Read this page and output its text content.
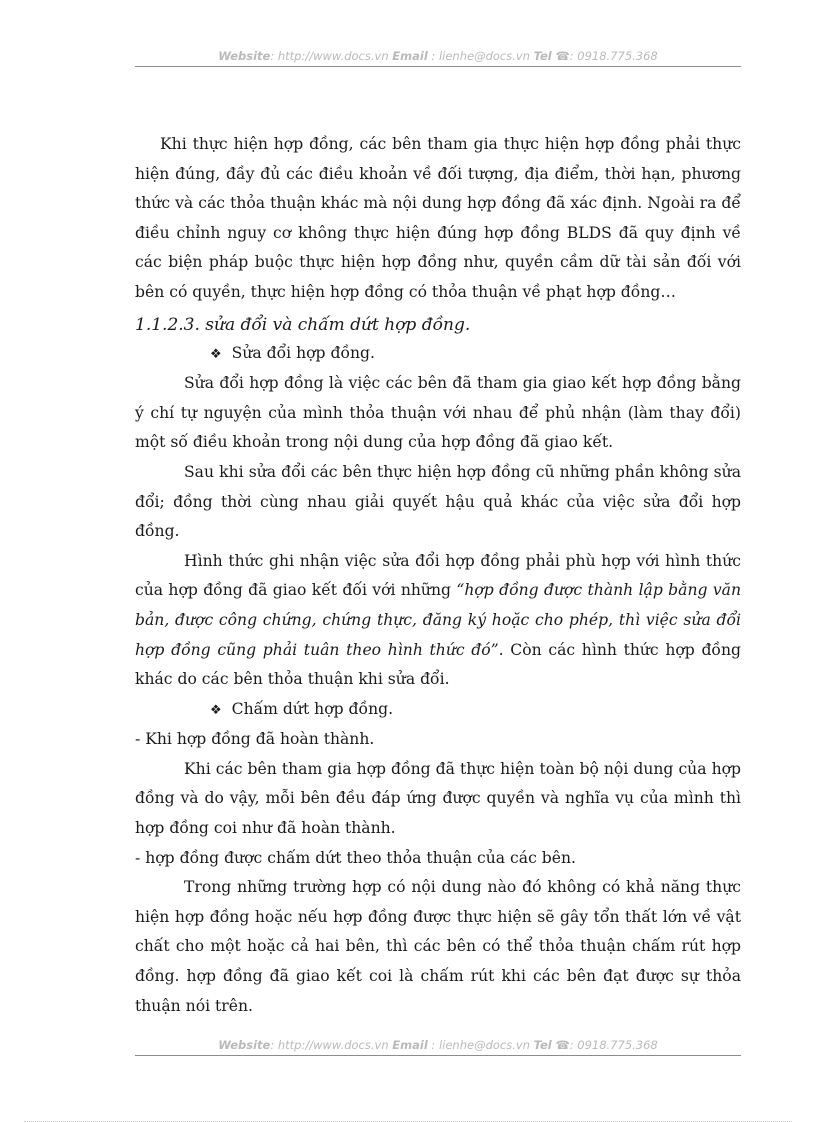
Website: http://www.docs.vn Email : lienhe@docs.vn Tel ☎: 0918.775.368

Khi thực hiện hợp đồng, các bên tham gia thực hiện hợp đồng phải thực hiện đúng, đầy đủ các điều khoản về đối tượng, địa điểm, thời hạn, phương thức và các thỏa thuận khác mà nội dung hợp đồng đã xác định. Ngoài ra để điều chỉnh nguy cơ không thực hiện đúng hợp đồng BLDS đã quy định về các biện pháp buộc thực hiện hợp đồng như, quyền cầm dữ tài sản đối với bên có quyền, thực hiện hợp đồng có thỏa thuận về phạt hợp đồng…

1.1.2.3. sửa đổi và chấm dứt hợp đồng.

❖ Sửa đổi hợp đồng.

Sửa đổi hợp đồng là việc các bên đã tham gia giao kết hợp đồng bằng ý chí tự nguyện của mình thỏa thuận với nhau để phủ nhận (làm thay đổi) một số điều khoản trong nội dung của hợp đồng đã giao kết.

Sau khi sửa đổi các bên thực hiện hợp đồng cũ những phần không sửa đổi; đồng thời cùng nhau giải quyết hậu quả khác của việc sửa đổi hợp đồng.

Hình thức ghi nhận việc sửa đổi hợp đồng phải phù hợp với hình thức của hợp đồng đã giao kết đối với những “hợp đồng được thành lập bằng văn bản, được công chứng, chứng thực, đăng ký hoặc cho phép, thì việc sửa đổi hợp đồng cũng phải tuân theo hình thức đó”. Còn các hình thức hợp đồng khác do các bên thỏa thuận khi sửa đổi.

❖ Chấm dứt hợp đồng.

- Khi hợp đồng đã hoàn thành.

Khi các bên tham gia hợp đồng đã thực hiện toàn bộ nội dung của hợp đồng và do vậy, mỗi bên đều đáp ứng được quyền và nghĩa vụ của mình thì hợp đồng coi như đã hoàn thành.

- hợp đồng được chấm dứt theo thỏa thuận của các bên.

Trong những trường hợp có nội dung nào đó không có khả năng thực hiện hợp đồng hoặc nếu hợp đồng được thực hiện sẽ gây tổn thất lớn về vật chất cho một hoặc cả hai bên, thì các bên có thể thỏa thuận chấm rút hợp đồng. hợp đồng đã giao kết coi là chấm rút khi các bên đạt được sự thỏa thuận nói trên.

Website: http://www.docs.vn Email : lienhe@docs.vn Tel ☎: 0918.775.368
